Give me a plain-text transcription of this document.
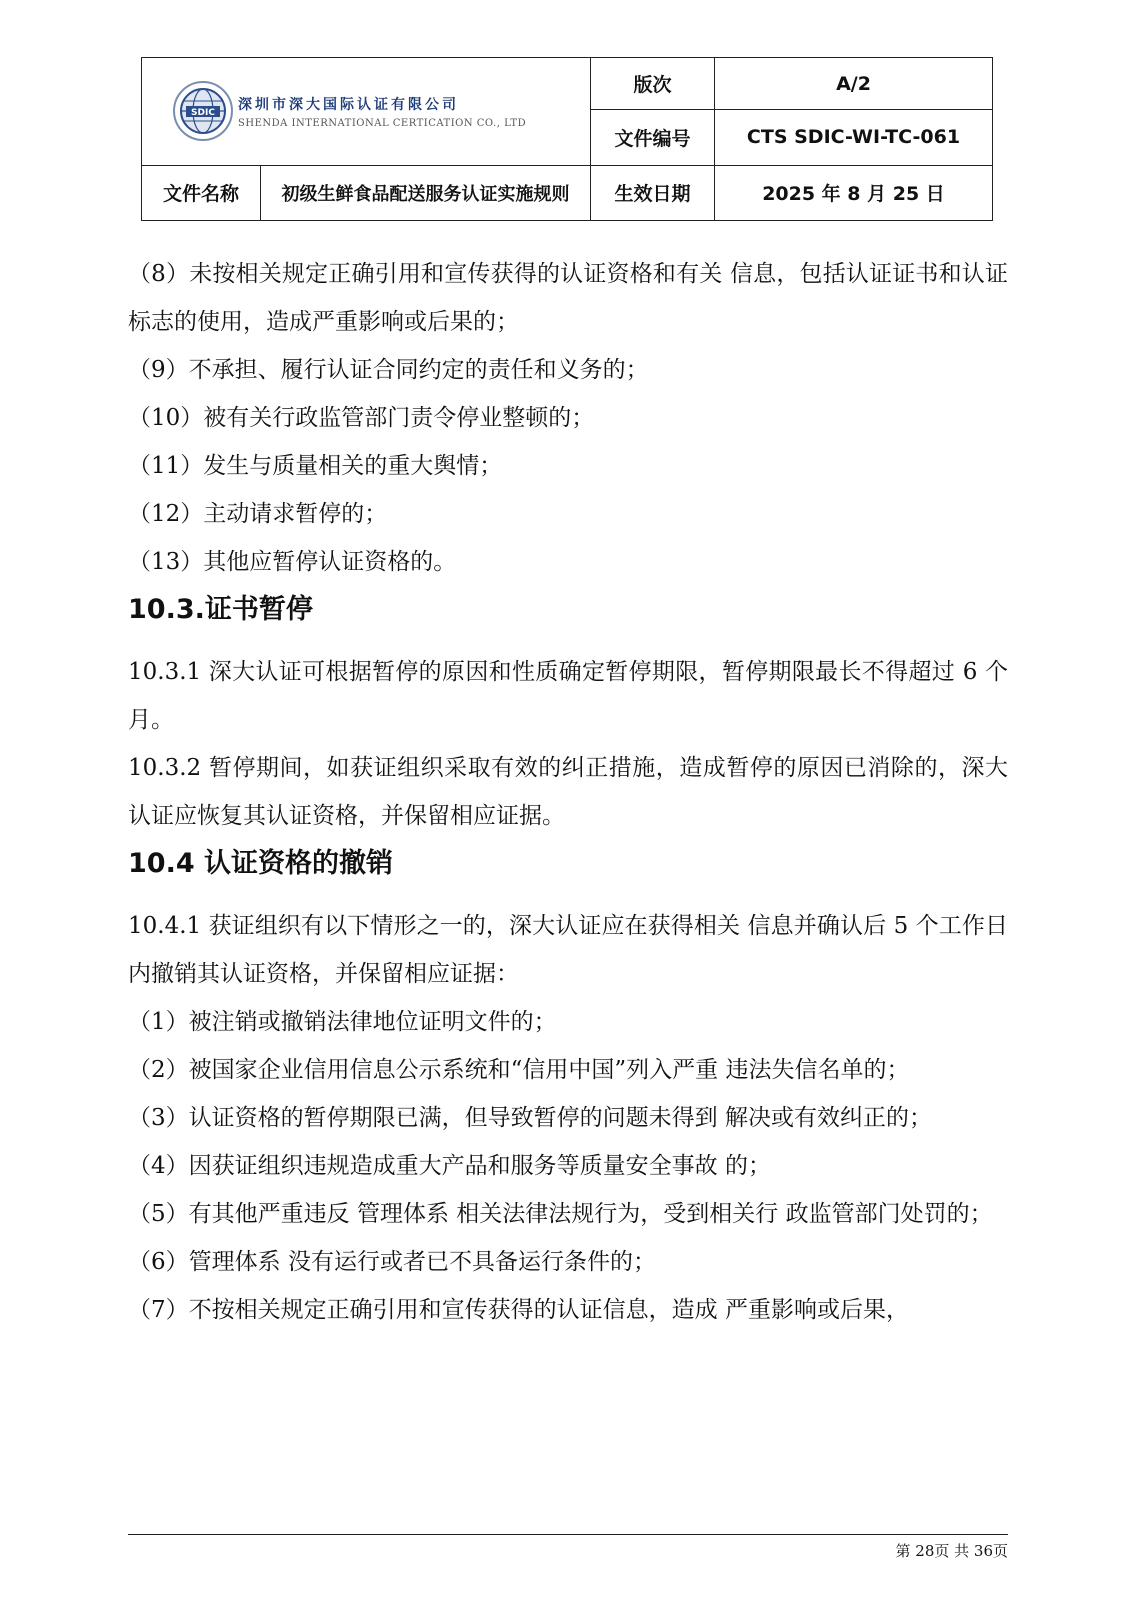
SDIC
深圳市深大国际认证有限公司
SHENDA INTERNATIONAL CERTICATION CO., LTD		版次	A/2
		文件编号	CTS SDIC-WI-TC-061
文件名称	初级生鲜食品配送服务认证实施规则	生效日期	2025 年 8 月 25 日

（8）未按相关规定正确引用和宣传获得的认证资格和有关 信息，包括认证证书和认证标志的使用，造成严重影响或后果的；

（9）不承担、履行认证合同约定的责任和义务的；

（10）被有关行政监管部门责令停业整顿的；

（11）发生与质量相关的重大舆情；

（12）主动请求暂停的；

（13）其他应暂停认证资格的。

10.3.证书暂停

10.3.1 深大认证可根据暂停的原因和性质确定暂停期限，暂停期限最长不得超过 6 个月。

10.3.2 暂停期间，如获证组织采取有效的纠正措施，造成暂停的原因已消除的，深大认证应恢复其认证资格，并保留相应证据。

10.4 认证资格的撤销

10.4.1 获证组织有以下情形之一的，深大认证应在获得相关 信息并确认后 5 个工作日内撤销其认证资格，并保留相应证据：

（1）被注销或撤销法律地位证明文件的；

（2）被国家企业信用信息公示系统和“信用中国”列入严重 违法失信名单的；

（3）认证资格的暂停期限已满，但导致暂停的问题未得到 解决或有效纠正的；

（4）因获证组织违规造成重大产品和服务等质量安全事故 的；

（5）有其他严重违反 管理体系 相关法律法规行为，受到相关行 政监管部门处罚的；

（6）管理体系 没有运行或者已不具备运行条件的；

（7）不按相关规定正确引用和宣传获得的认证信息，造成 严重影响或后果，

第 28页 共 36页
